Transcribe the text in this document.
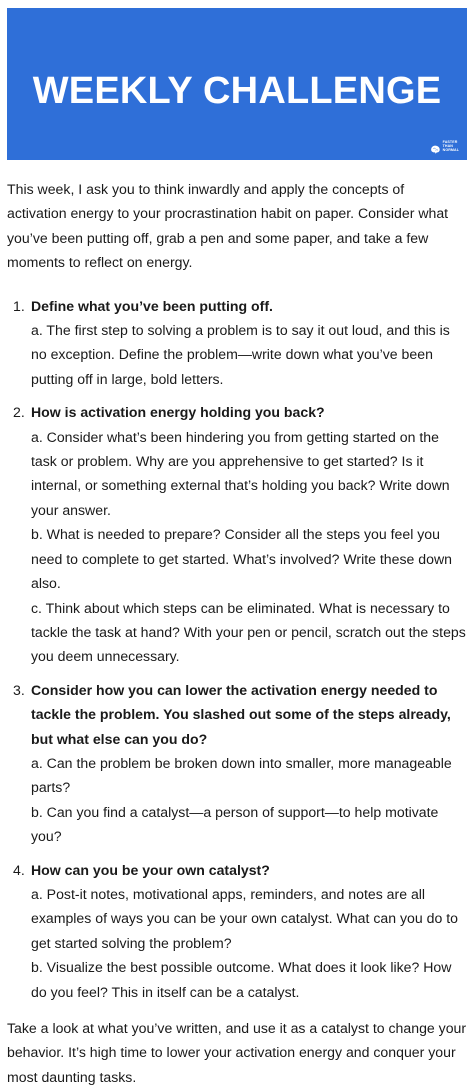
WEEKLY CHALLENGE
FASTER
THAN
NORMAL

This week, I ask you to think inwardly and apply the concepts of activation energy to your procrastination habit on paper. Consider what you’ve been putting off, grab a pen and some paper, and take a few moments to reflect on energy.

1. Define what you’ve been putting off.
a. The first step to solving a problem is to say it out loud, and this is no exception. Define the problem—write down what you’ve been putting off in large, bold letters.
2. How is activation energy holding you back?
a. Consider what’s been hindering you from getting started on the task or problem. Why are you apprehensive to get started? Is it internal, or something external that’s holding you back? Write down your answer.
b. What is needed to prepare? Consider all the steps you feel you need to complete to get started. What’s involved? Write these down also.
c. Think about which steps can be eliminated. What is necessary to tackle the task at hand? With your pen or pencil, scratch out the steps you deem unnecessary.
3. Consider how you can lower the activation energy needed to tackle the problem. You slashed out some of the steps already, but what else can you do?
a. Can the problem be broken down into smaller, more manageable parts?
b. Can you find a catalyst—a person of support—to help motivate you?
4. How can you be your own catalyst?
a. Post-it notes, motivational apps, reminders, and notes are all examples of ways you can be your own catalyst. What can you do to get started solving the problem?
b. Visualize the best possible outcome. What does it look like? How do you feel? This in itself can be a catalyst.

Take a look at what you’ve written, and use it as a catalyst to change your behavior. It’s high time to lower your activation energy and conquer your most daunting tasks.
